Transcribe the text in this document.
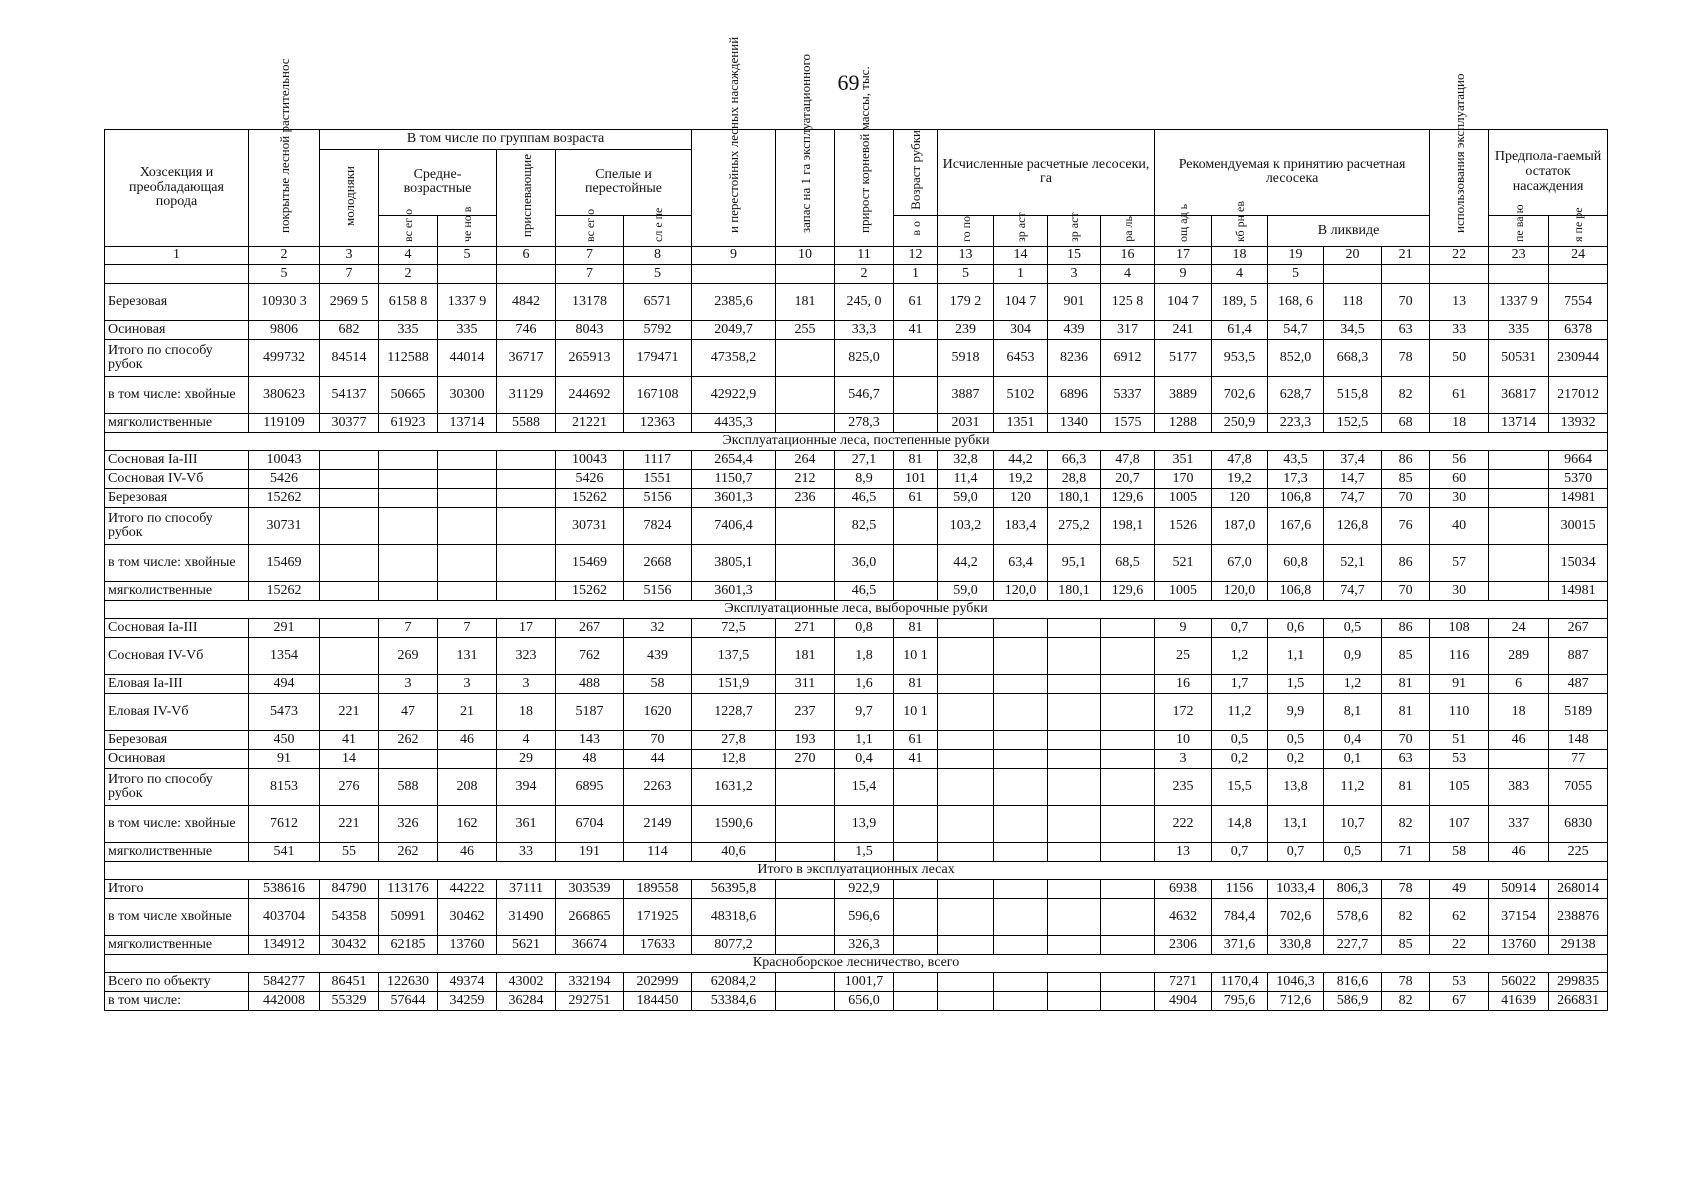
69
Хозсекция и преобладающая порода	покрытые лесной растительнос	В том числе по группам возраста						и перестойных лесных насаждений	запас на 1 га эксплуатационного	прирост корневой массы, тыс.	Возраст рубки	Исчисленные расчетные лесосеки, га				Рекомендуемая к принятию расчетная лесосека					использования эксплуатацио	Предпола-гаемый остаток насаждения	
		молодняки	Средне-возрастные		приспевающие	Спелые и перестойные																	
			вс ег о	че но в		вс ег о	сл е пе				в о	го по	зр аст	зр аст	ра ль	ощ ад ь	кб рн ев	В ликвиде				пе ва ю	я пе ре
1	2	3	4	5	6	7	8	9	10	11	12	13	14	15	16	17	18	19	20	21	22	23	24
	5	7	2			7	5			2	1	5	1	3	4	9	4	5					
Березовая	10930 3	2969 5	6158 8	1337 9	4842	13178	6571	2385,6	181	245, 0	61	179 2	104 7	901	125 8	104 7	189, 5	168, 6	118	70	13	1337 9	7554
Осиновая	9806	682	335	335	746	8043	5792	2049,7	255	33,3	41	239	304	439	317	241	61,4	54,7	34,5	63	33	335	6378
Итого по способу рубок	499732	84514	112588	44014	36717	265913	179471	47358,2		825,0		5918	6453	8236	6912	5177	953,5	852,0	668,3	78	50	50531	230944
в том числе: хвойные	380623	54137	50665	30300	31129	244692	167108	42922,9		546,7		3887	5102	6896	5337	3889	702,6	628,7	515,8	82	61	36817	217012
мягколиственные	119109	30377	61923	13714	5588	21221	12363	4435,3		278,3		2031	1351	1340	1575	1288	250,9	223,3	152,5	68	18	13714	13932
Эксплуатационные леса, постепенные рубки																							
Сосновая Ia-III	10043					10043	1117	2654,4	264	27,1	81	32,8	44,2	66,3	47,8	351	47,8	43,5	37,4	86	56		9664
Сосновая IV-Vб	5426					5426	1551	1150,7	212	8,9	101	11,4	19,2	28,8	20,7	170	19,2	17,3	14,7	85	60		5370
Березовая	15262					15262	5156	3601,3	236	46,5	61	59,0	120	180,1	129,6	1005	120	106,8	74,7	70	30		14981
Итого по способу рубок	30731					30731	7824	7406,4		82,5		103,2	183,4	275,2	198,1	1526	187,0	167,6	126,8	76	40		30015
в том числе: хвойные	15469					15469	2668	3805,1		36,0		44,2	63,4	95,1	68,5	521	67,0	60,8	52,1	86	57		15034
мягколиственные	15262					15262	5156	3601,3		46,5		59,0	120,0	180,1	129,6	1005	120,0	106,8	74,7	70	30		14981
Эксплуатационные леса, выборочные рубки																							
Сосновая Ia-III	291		7	7	17	267	32	72,5	271	0,8	81					9	0,7	0,6	0,5	86	108	24	267
Сосновая IV-Vб	1354		269	131	323	762	439	137,5	181	1,8	10 1					25	1,2	1,1	0,9	85	116	289	887
Еловая Ia-III	494		3	3	3	488	58	151,9	311	1,6	81					16	1,7	1,5	1,2	81	91	6	487
Еловая IV-Vб	5473	221	47	21	18	5187	1620	1228,7	237	9,7	10 1					172	11,2	9,9	8,1	81	110	18	5189
Березовая	450	41	262	46	4	143	70	27,8	193	1,1	61					10	0,5	0,5	0,4	70	51	46	148
Осиновая	91	14			29	48	44	12,8	270	0,4	41					3	0,2	0,2	0,1	63	53		77
Итого по способу рубок	8153	276	588	208	394	6895	2263	1631,2		15,4						235	15,5	13,8	11,2	81	105	383	7055
в том числе: хвойные	7612	221	326	162	361	6704	2149	1590,6		13,9						222	14,8	13,1	10,7	82	107	337	6830
мягколиственные	541	55	262	46	33	191	114	40,6		1,5						13	0,7	0,7	0,5	71	58	46	225
Итого в эксплуатационных лесах																							
Итого	538616	84790	113176	44222	37111	303539	189558	56395,8		922,9						6938	1156	1033,4	806,3	78	49	50914	268014
в том числе хвойные	403704	54358	50991	30462	31490	266865	171925	48318,6		596,6						4632	784,4	702,6	578,6	82	62	37154	238876
мягколиственные	134912	30432	62185	13760	5621	36674	17633	8077,2		326,3						2306	371,6	330,8	227,7	85	22	13760	29138
Красноборское лесничество, всего																							
Всего по объекту	584277	86451	122630	49374	43002	332194	202999	62084,2		1001,7						7271	1170,4	1046,3	816,6	78	53	56022	299835
в том числе:	442008	55329	57644	34259	36284	292751	184450	53384,6		656,0						4904	795,6	712,6	586,9	82	67	41639	266831
